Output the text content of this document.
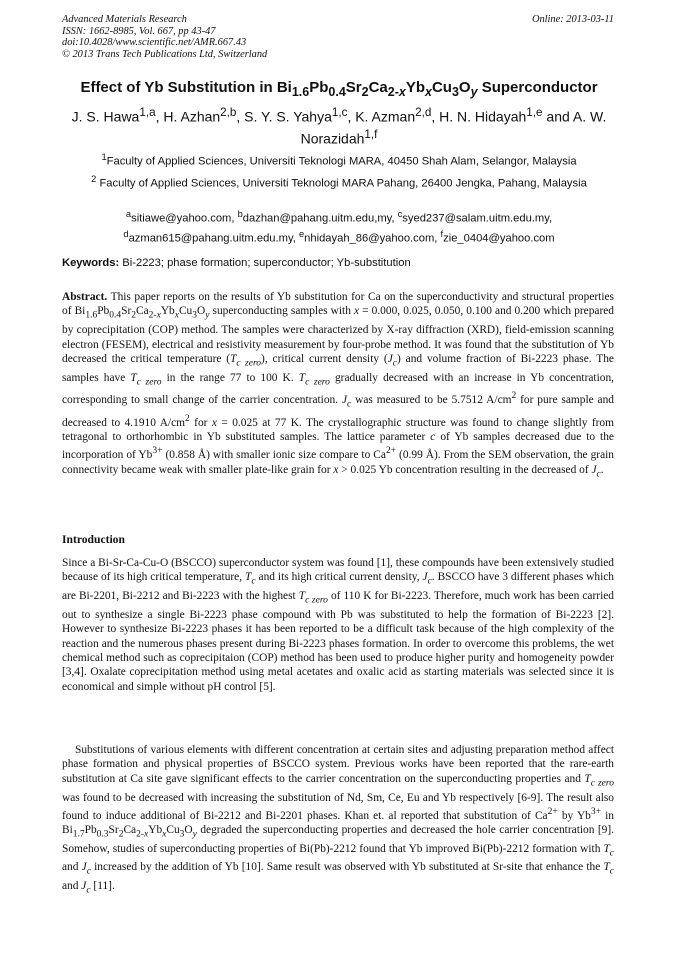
Advanced Materials Research
ISSN: 1662-8985, Vol. 667, pp 43-47
doi:10.4028/www.scientific.net/AMR.667.43
© 2013 Trans Tech Publications Ltd, Switzerland
Online: 2013-03-11
Effect of Yb Substitution in $Bi_{1.6}Pb_{0.4}Sr_2Ca_{2-x}Yb_xCu_3O_y$ Superconductor
J. S. Hawa$^{1,a}$, H. Azhan$^{2,b}$, S. Y. S. Yahya$^{1,c}$, K. Azman$^{2,d}$, H. N. Hidayah$^{1,e}$ and A. W. Norazidah$^{1,f}$
$^1$Faculty of Applied Sciences, Universiti Teknologi MARA, 40450 Shah Alam, Selangor, Malaysia
$^2$ Faculty of Applied Sciences, Universiti Teknologi MARA Pahang, 26400 Jengka, Pahang, Malaysia
$^a$sitiawe@yahoo.com, $^b$dazhan@pahang.uitm.edu,my, $^c$syed237@salam.uitm.edu.my, $^d$azman615@pahang.uitm.edu.my, $^e$nhidayah_86@yahoo.com, $^f$zie_0404@yahoo.com
Keywords: Bi-2223; phase formation; superconductor; Yb-substitution
Abstract. This paper reports on the results of Yb substitution for Ca on the superconductivity and structural properties of $Bi_{1.6}Pb_{0.4}Sr_2Ca_{2-x}Yb_xCu_3O_y$ superconducting samples with x = 0.000, 0.025, 0.050, 0.100 and 0.200 which prepared by coprecipitation (COP) method. The samples were characterized by X-ray diffraction (XRD), field-emission scanning electron (FESEM), electrical and resistivity measurement by four-probe method. It was found that the substitution of Yb decreased the critical temperature $(T_{c zero})$, critical current density $(J_c)$ and volume fraction of Bi-2223 phase. The samples have $T_{c zero}$ in the range 77 to 100 K. $T_{c zero}$ gradually decreased with an increase in Yb concentration, corresponding to small change of the carrier concentration. $J_c$ was measured to be 5.7512 $A/cm^2$ for pure sample and decreased to 4.1910 $A/cm^2$ for x = 0.025 at 77 K. The crystallographic structure was found to change slightly from tetragonal to orthorhombic in Yb substituted samples. The lattice parameter c of Yb samples decreased due to the incorporation of $Yb^{3+}$ (0.858 Å) with smaller ionic size compare to $Ca^{2+}$ (0.99 Å). From the SEM observation, the grain connectivity became weak with smaller plate-like grain for x > 0.025 Yb concentration resulting in the decreased of $J_c$.
Introduction
Since a Bi-Sr-Ca-Cu-O (BSCCO) superconductor system was found [1], these compounds have been extensively studied because of its high critical temperature, $T_c$ and its high critical current density, $J_c$. BSCCO have 3 different phases which are Bi-2201, Bi-2212 and Bi-2223 with the highest $T_{c zero}$ of 110 K for Bi-2223. Therefore, much work has been carried out to synthesize a single Bi-2223 phase compound with Pb was substituted to help the formation of Bi-2223 [2]. However to synthesize Bi-2223 phases it has been reported to be a difficult task because of the high complexity of the reaction and the numerous phases present during Bi-2223 phases formation. In order to overcome this problems, the wet chemical method such as coprecipitaion (COP) method has been used to produce higher purity and homogeneity powder [3,4]. Oxalate coprecipitation method using metal acetates and oxalic acid as starting materials was selected since it is economical and simple without pH control [5].
Substitutions of various elements with different concentration at certain sites and adjusting preparation method affect phase formation and physical properties of BSCCO system. Previous works have been reported that the rare-earth substitution at Ca site gave significant effects to the carrier concentration on the superconducting properties and $T_{c zero}$ was found to be decreased with increasing the substitution of Nd, Sm, Ce, Eu and Yb respectively [6-9]. The result also found to induce additional of Bi-2212 and Bi-2201 phases. Khan et. al reported that substitution of $Ca^{2+}$ by $Yb^{3+}$ in $Bi_{1.7}Pb_{0.3}Sr_2Ca_{2-x}Yb_xCu_3O_y$ degraded the superconducting properties and decreased the hole carrier concentration [9]. Somehow, studies of superconducting properties of Bi(Pb)-2212 found that Yb improved Bi(Pb)-2212 formation with $T_c$ and $J_c$ increased by the addition of Yb [10]. Same result was observed with Yb substituted at Sr-site that enhance the $T_c$ and $J_c$ [11].
